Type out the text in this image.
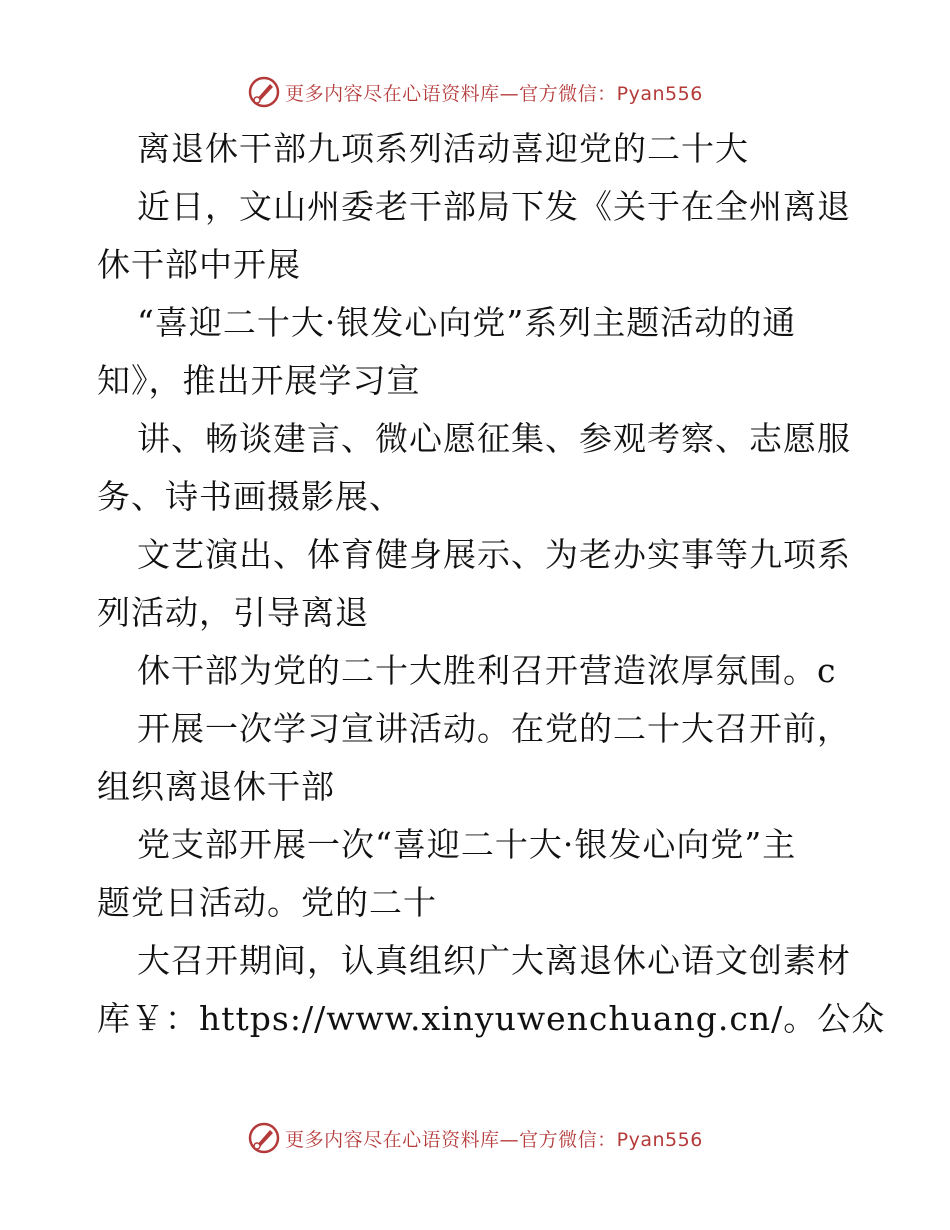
更多内容尽在心语资料库—官方微信：Pyan556
离退休干部九项系列活动喜迎党的二十大
近日，文山州委老干部局下发《关于在全州离退
休干部中开展
“喜迎二十大·银发心向党”系列主题活动的通
知》，推出开展学习宣
讲、畅谈建言、微心愿征集、参观考察、志愿服
务、诗书画摄影展、
文艺演出、体育健身展示、为老办实事等九项系
列活动，引导离退
休干部为党的二十大胜利召开营造浓厚氛围。c
开展一次学习宣讲活动。在党的二十大召开前，
组织离退休干部
党支部开展一次“喜迎二十大·银发心向党”主
题党日活动。党的二十
大召开期间，认真组织广大离退休心语文创素材
库￥：https://www.xinyuwenchuang.cn/。公众
更多内容尽在心语资料库—官方微信：Pyan556
